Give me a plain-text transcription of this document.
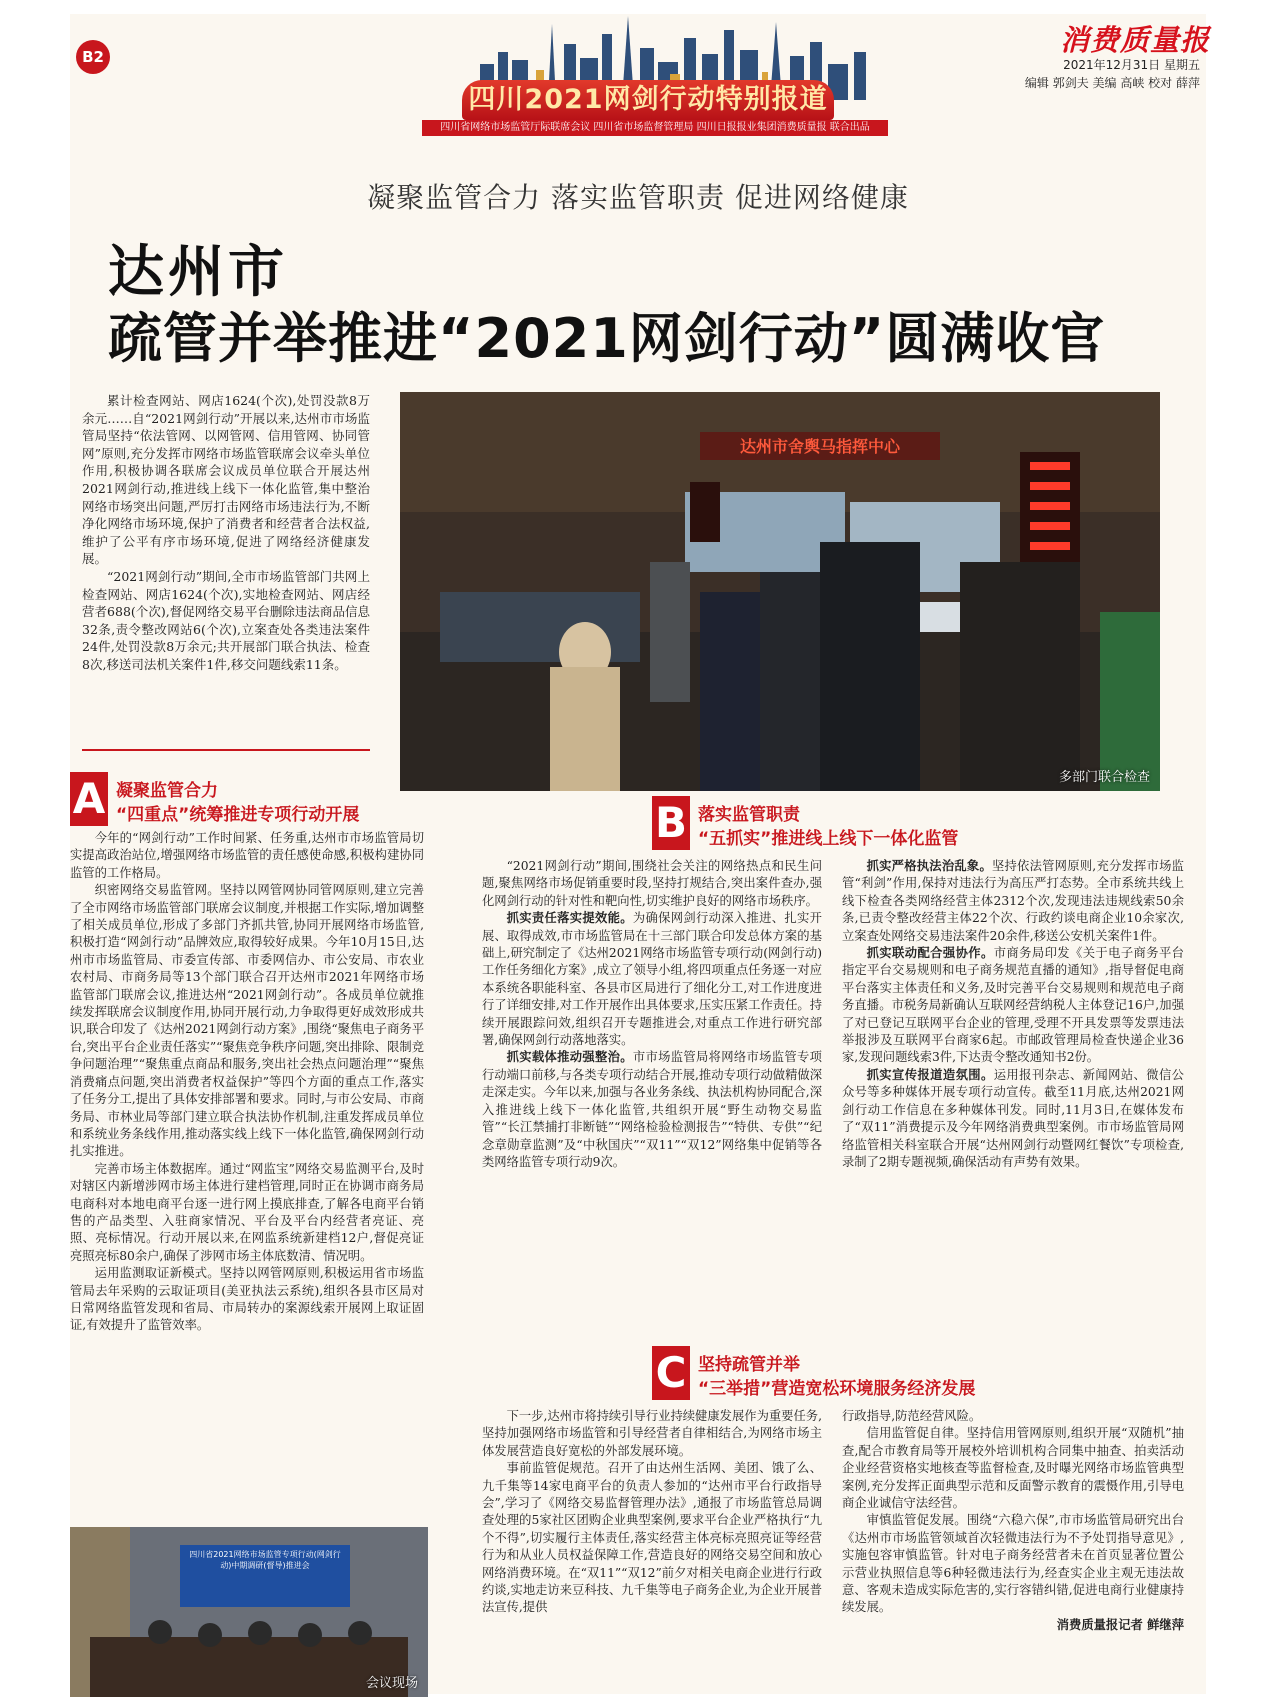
B2
四川2021网剑行动特别报道
四川省网络市场监管厅际联席会议 四川省市场监督管理局 四川日报报业集团消费质量报 联合出品
消费质量报
2021年12月31日 星期五
编辑 郭剑夫 美编 高峡 校对 薛萍
凝聚监管合力 落实监管职责 促进网络健康
达州市
疏管并举推进“2021网剑行动”圆满收官

累计检查网站、网店1624(个次),处罚没款8万余元……自“2021网剑行动”开展以来,达州市市场监管局坚持“依法管网、以网管网、信用管网、协同管网”原则,充分发挥市网络市场监管联席会议牵头单位作用,积极协调各联席会议成员单位联合开展达州2021网剑行动,推进线上线下一体化监管,集中整治网络市场突出问题,严厉打击网络市场违法行为,不断净化网络市场环境,保护了消费者和经营者合法权益,维护了公平有序市场环境,促进了网络经济健康发展。

“2021网剑行动”期间,全市市场监管部门共网上检查网站、网店1624(个次),实地检查网站、网店经营者688(个次),督促网络交易平台删除违法商品信息32条,责令整改网站6(个次),立案查处各类违法案件24件,处罚没款8万余元;共开展部门联合执法、检查8次,移送司法机关案件1件,移交问题线索11条。

达州市舍舆马指挥中心
多部门联合检查
A 凝聚监管合力
“四重点”统筹推进专项行动开展

今年的“网剑行动”工作时间紧、任务重,达州市市场监管局切实提高政治站位,增强网络市场监管的责任感使命感,积极构建协同监管的工作格局。

织密网络交易监管网。坚持以网管网协同管网原则,建立完善了全市网络市场监管部门联席会议制度,并根据工作实际,增加调整了相关成员单位,形成了多部门齐抓共管,协同开展网络市场监管,积极打造“网剑行动”品牌效应,取得较好成果。今年10月15日,达州市市场监管局、市委宣传部、市委网信办、市公安局、市农业农村局、市商务局等13个部门联合召开达州市2021年网络市场监管部门联席会议,推进达州“2021网剑行动”。各成员单位就推续发挥联席会议制度作用,协同开展行动,力争取得更好成效形成共识,联合印发了《达州2021网剑行动方案》,围绕“聚焦电子商务平台,突出平台企业责任落实”“聚焦竞争秩序问题,突出排除、限制竞争问题治理”“聚焦重点商品和服务,突出社会热点问题治理”“聚焦消费痛点问题,突出消费者权益保护”等四个方面的重点工作,落实了任务分工,提出了具体安排部署和要求。同时,与市公安局、市商务局、市林业局等部门建立联合执法协作机制,注重发挥成员单位和系统业务条线作用,推动落实线上线下一体化监管,确保网剑行动扎实推进。

完善市场主体数据库。通过“网监宝”网络交易监测平台,及时对辖区内新增涉网市场主体进行建档管理,同时正在协调市商务局电商科对本地电商平台逐一进行网上摸底排查,了解各电商平台销售的产品类型、入驻商家情况、平台及平台内经营者亮证、亮照、亮标情况。行动开展以来,在网监系统新建档12户,督促亮证亮照亮标80余户,确保了涉网市场主体底数清、情况明。

运用监测取证新模式。坚持以网管网原则,积极运用省市场监管局去年采购的云取证项目(美亚执法云系统),组织各县市区局对日常网络监管发现和省局、市局转办的案源线索开展网上取证固证,有效提升了监管效率。

四川省2021网络市场监管专项行动(网剑行动)中期调研(督导)推进会
会议现场
B 落实监管职责
“五抓实”推进线上线下一体化监管

“2021网剑行动”期间,围绕社会关注的网络热点和民生问题,聚焦网络市场促销重要时段,坚持打规结合,突出案件查办,强化网剑行动的针对性和靶向性,切实维护良好的网络市场秩序。

抓实责任落实提效能。为确保网剑行动深入推进、扎实开展、取得成效,市市场监管局在十三部门联合印发总体方案的基础上,研究制定了《达州2021网络市场监管专项行动(网剑行动)工作任务细化方案》,成立了领导小组,将四项重点任务逐一对应本系统各职能科室、各县市区局进行了细化分工,对工作进度进行了详细安排,对工作开展作出具体要求,压实压紧工作责任。持续开展跟踪问效,组织召开专题推进会,对重点工作进行研究部署,确保网剑行动落地落实。

抓实载体推动强整治。市市场监管局将网络市场监管专项行动端口前移,与各类专项行动结合开展,推动专项行动做精做深走深走实。今年以来,加强与各业务条线、执法机构协同配合,深入推进线上线下一体化监管,共组织开展“野生动物交易监管”“长江禁捕打非断链”“网络检验检测报告”“特供、专供”“纪念章勋章监测”及“中秋国庆”“双11”“双12”网络集中促销等各类网络监管专项行动9次。

抓实严格执法治乱象。坚持依法管网原则,充分发挥市场监管“利剑”作用,保持对违法行为高压严打态势。全市系统共线上线下检查各类网络经营主体2312个次,发现违法违规线索50余条,已责令整改经营主体22个次、行政约谈电商企业10余家次,立案查处网络交易违法案件20余件,移送公安机关案件1件。

抓实联动配合强协作。市商务局印发《关于电子商务平台指定平台交易规则和电子商务规范直播的通知》,指导督促电商平台落实主体责任和义务,及时完善平台交易规则和规范电子商务直播。市税务局新确认互联网经营纳税人主体登记16户,加强了对已登记互联网平台企业的管理,受理不开具发票等发票违法举报涉及互联网平台商家6起。市邮政管理局检查快递企业36家,发现问题线索3件,下达责令整改通知书2份。

抓实宣传报道造氛围。运用报刊杂志、新闻网站、微信公众号等多种媒体开展专项行动宣传。截至11月底,达州2021网剑行动工作信息在多种媒体刊发。同时,11月3日,在媒体发布了“双11”消费提示及今年网络消费典型案例。市市场监管局网络监管相关科室联合开展“达州网剑行动暨网红餐饮”专项检查,录制了2期专题视频,确保活动有声势有效果。

C 坚持疏管并举
“三举措”营造宽松环境服务经济发展

下一步,达州市将持续引导行业持续健康发展作为重要任务,坚持加强网络市场监管和引导经营者自律相结合,为网络市场主体发展营造良好宽松的外部发展环境。

事前监管促规范。召开了由达州生活网、美团、饿了么、九千集等14家电商平台的负责人参加的“达州市平台行政指导会”,学习了《网络交易监督管理办法》,通报了市场监管总局调查处理的5家社区团购企业典型案例,要求平台企业严格执行“九个不得”,切实履行主体责任,落实经营主体亮标亮照亮证等经营行为和从业人员权益保障工作,营造良好的网络交易空间和放心网络消费环境。在“双11”“双12”前夕对相关电商企业进行行政约谈,实地走访来豆科技、九千集等电子商务企业,为企业开展普法宣传,提供

行政指导,防范经营风险。

信用监管促自律。坚持信用管网原则,组织开展“双随机”抽查,配合市教育局等开展校外培训机构合同集中抽查、拍卖活动企业经营资格实地核查等监督检查,及时曝光网络市场监管典型案例,充分发挥正面典型示范和反面警示教育的震慑作用,引导电商企业诚信守法经营。

审慎监管促发展。围绕“六稳六保”,市市场监管局研究出台《达州市市场监管领域首次轻微违法行为不予处罚指导意见》,实施包容审慎监管。针对电子商务经营者未在首页显著位置公示营业执照信息等6种轻微违法行为,经查实企业主观无违法故意、客观未造成实际危害的,实行容错纠错,促进电商行业健康持续发展。

消费质量报记者 鲜继萍
